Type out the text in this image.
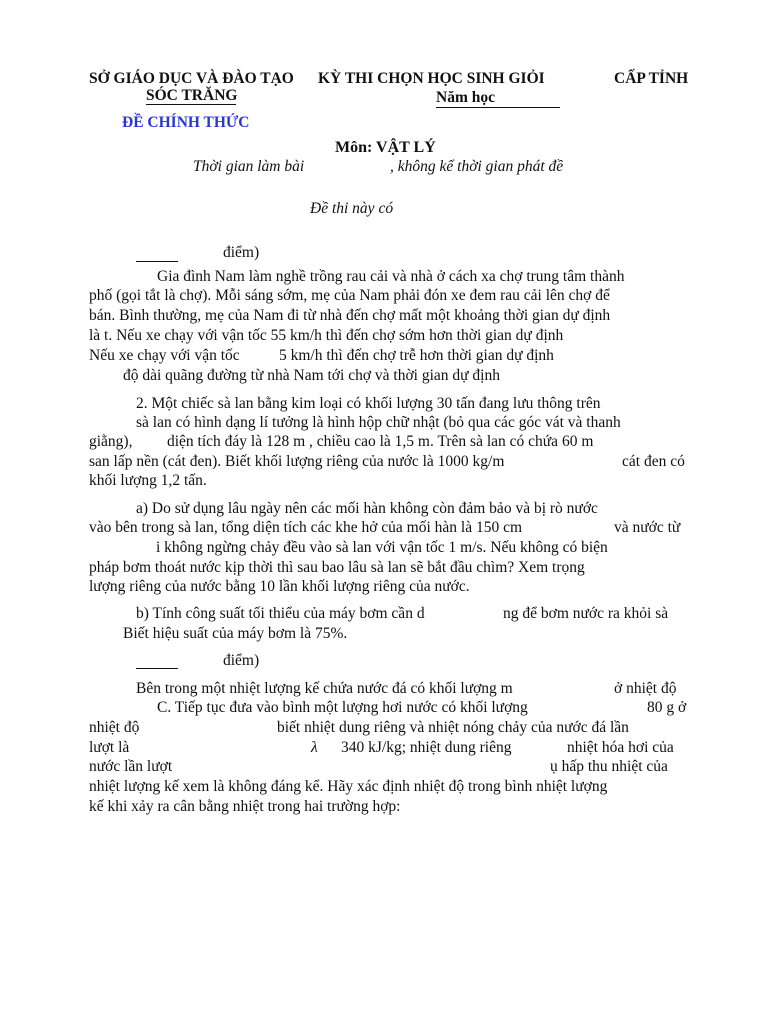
SỞ GIÁO DỤC VÀ ĐÀO TẠO
SÓC TRĂNG
KỲ THI CHỌN HỌC SINH GIỎI	CẤP TỈNH
Năm học
ĐỀ CHÍNH THỨC
Môn: VẬT LÝ
Thời gian làm bài	, không kể thời gian phát đề
Đề thi này có
điểm)
Gia đình Nam làm nghề trồng rau cải và nhà ở cách xa chợ trung tâm thành
phố (gọi tắt là chợ). Mỗi sáng sớm, mẹ của Nam phải đón xe đem rau cải lên chợ để
bán. Bình thường, mẹ của Nam đi từ nhà đến chợ mất một khoảng thời gian dự định
là t. Nếu xe chạy với vận tốc 55 km/h thì đến chợ sớm hơn thời gian dự định
Nếu xe chạy với vận tốc	5 km/h thì đến chợ trễ hơn thời gian dự định
độ dài quãng đường từ nhà Nam tới chợ và thời gian dự định
2. Một chiếc sà lan bằng kim loại có khối lượng 30 tấn đang lưu thông trên
sà lan có hình dạng lí tưởng là hình hộp chữ nhật (bỏ qua các góc vát và thanh
giằng), diện tích đáy là 128 m , chiều cao là 1,5 m. Trên sà lan có chứa 60 m
san lấp nền (cát đen). Biết khối lượng riêng của nước là 1000 kg/m	cát đen có
khối lượng 1,2 tấn.
a) Do sử dụng lâu ngày nên các mối hàn không còn đảm bảo và bị rò nước
vào bên trong sà lan, tổng diện tích các khe hở của mối hàn là 150 cm	và nước từ
i không ngừng chảy đều vào sà lan với vận tốc 1 m/s. Nếu không có biện
pháp bơm thoát nước kịp thời thì sau bao lâu sà lan sẽ bắt đầu chìm? Xem trọng
lượng riêng của nước bằng 10 lần khối lượng riêng của nước.
b) Tính công suất tối thiểu của máy bơm cần d	ng để bơm nước ra khỏi sà
Biết hiệu suất của máy bơm là 75%.
điểm)
Bên trong một nhiệt lượng kế chứa nước đá có khối lượng m	ở nhiệt độ
C. Tiếp tục đưa vào bình một lượng hơi nước có khối lượng	80 g ở
nhiệt độ	biết nhiệt dung riêng và nhiệt nóng chảy của nước đá lần
lượt là	λ 340 kJ/kg; nhiệt dung riêng	nhiệt hóa hơi của
nước lần lượt	ụ hấp thu nhiệt của
nhiệt lượng kế xem là không đáng kể. Hãy xác định nhiệt độ trong bình nhiệt lượng
kế khi xảy ra cân bằng nhiệt trong hai trường hợp:
